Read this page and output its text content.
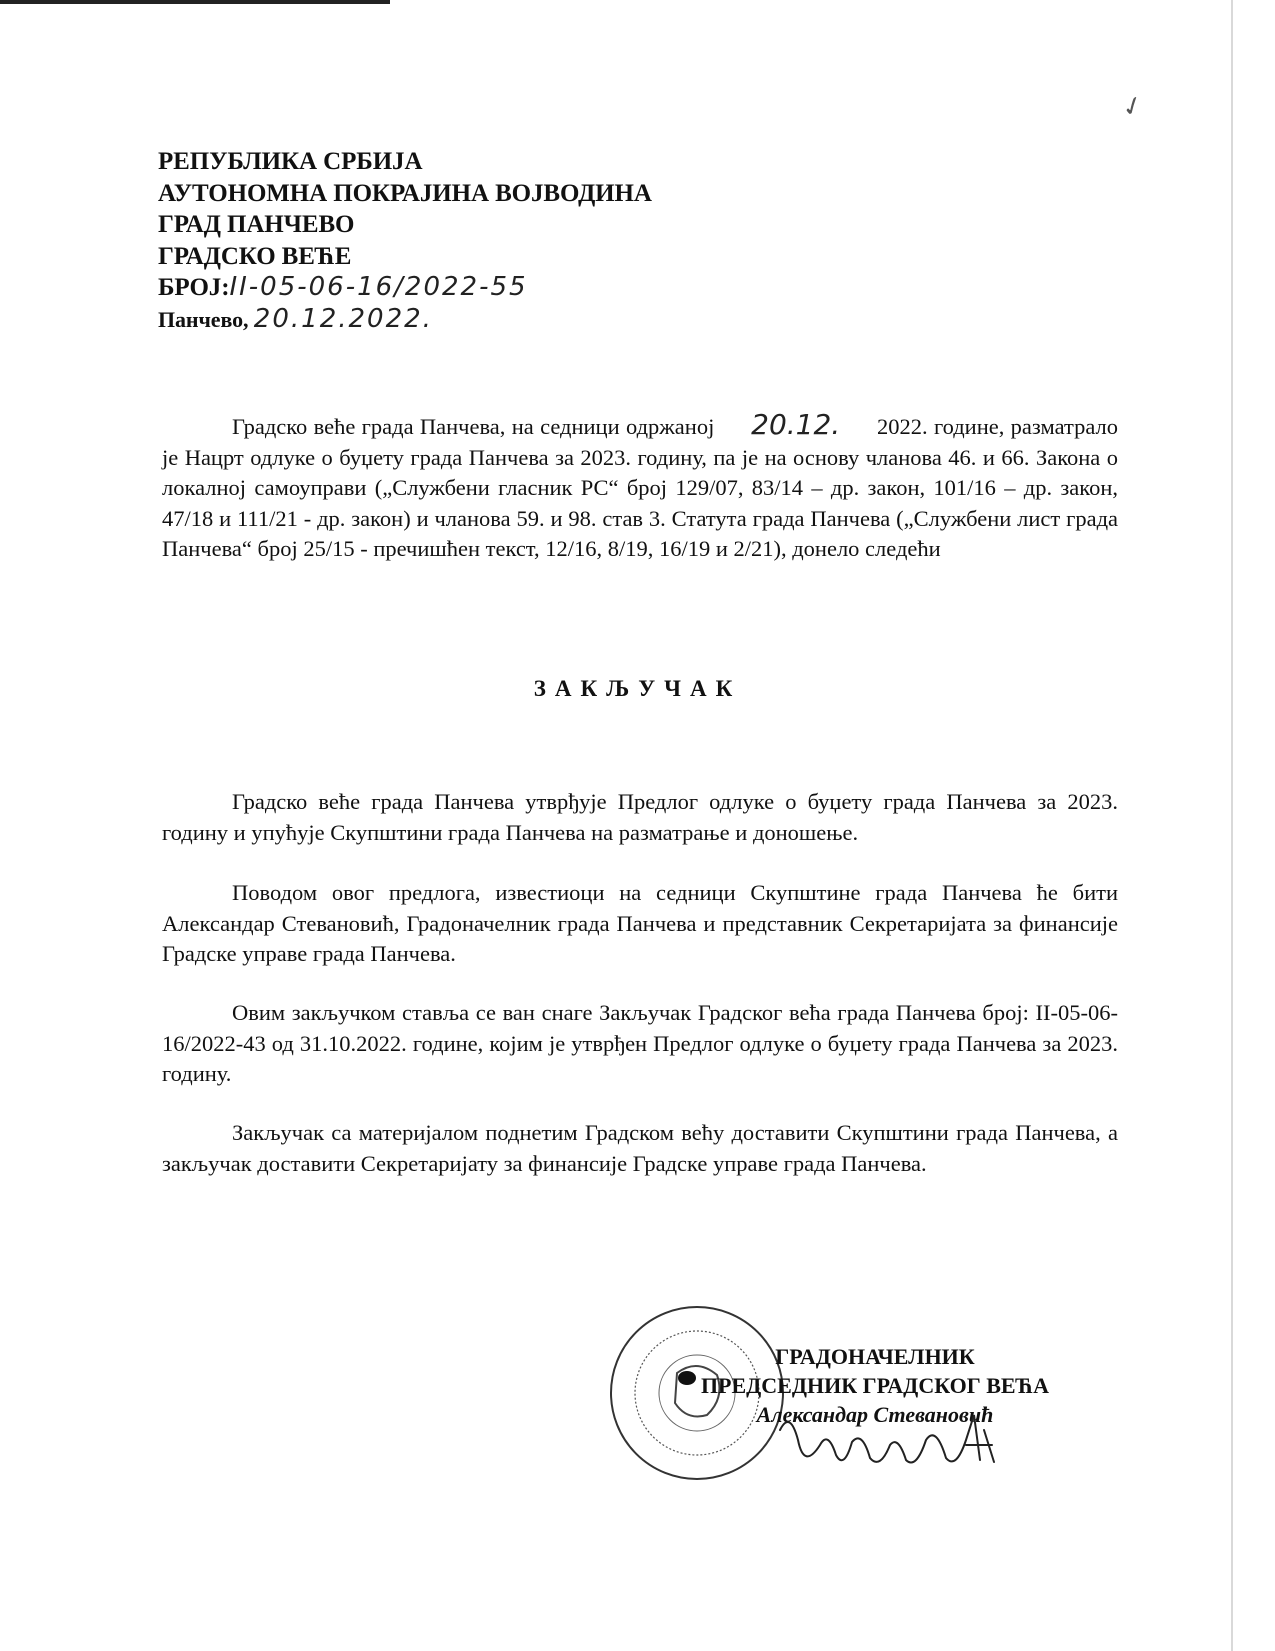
✓
РЕПУБЛИКА СРБИЈА
АУТОНОМНА ПОКРАЈИНА ВОЈВОДИНА
ГРАД ПАНЧЕВО
ГРАДСКО ВЕЋЕ
БРОЈ:II-05-06-16/2022-55
Панчево, 20.12.2022.
Градско веће града Панчева, на седници одржаној 20.12. 2022. године, разматрало је Нацрт одлуке о буџету града Панчева за 2023. годину, па је на основу чланова 46. и 66. Закона о локалној самоуправи („Службени гласник РС“ број 129/07, 83/14 – др. закон, 101/16 – др. закон, 47/18 и 111/21 - др. закон) и чланова 59. и 98. став 3. Статута града Панчева („Службени лист града Панчева“ број 25/15 - пречишћен текст, 12/16, 8/19, 16/19 и 2/21), донело следећи
ЗАКЉУЧАК
Градско веће града Панчева утврђује Предлог одлуке о буџету града Панчева за 2023. годину и упућује Скупштини града Панчева на разматрање и доношење.
Поводом овог предлога, известиоци на седници Скупштине града Панчева ће бити Александар Стевановић, Градоначелник града Панчева и представник Секретаријата за финансије Градске управе града Панчева.
Овим закључком ставља се ван снаге Закључак Градског већа града Панчева број: II-05-06-16/2022-43 од 31.10.2022. године, којим је утврђен Предлог одлуке о буџету града Панчева за 2023. годину.
Закључак са материјалом поднетим Градском већу доставити Скупштини града Панчева, а закључак доставити Секретаријату за финансије Градске управе града Панчева.
ГРАДОНАЧЕЛНИК
ПРЕДСЕДНИК ГРАДСКОГ ВЕЋА
Александар Стевановић
